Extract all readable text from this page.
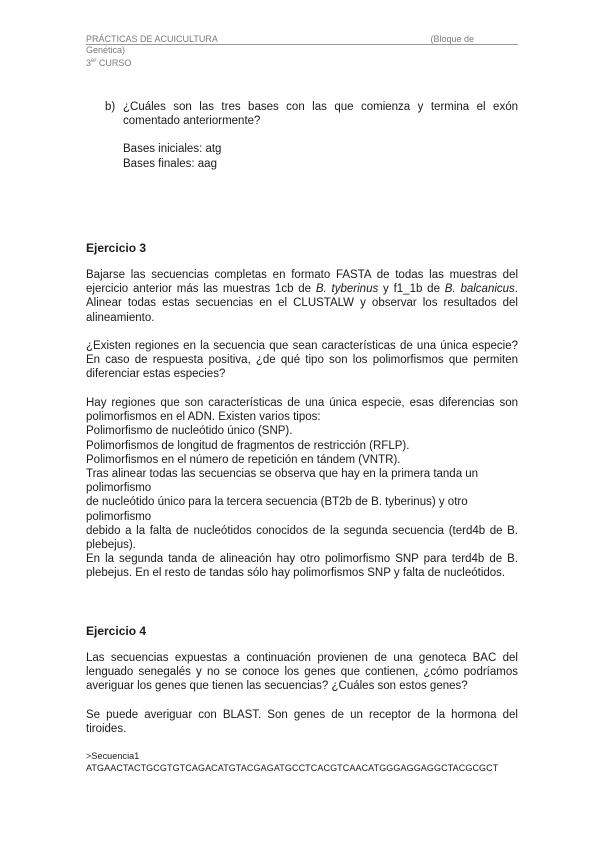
PRÁCTICAS DE ACUICULTURA	(Bloque de
Genética)
3er CURSO
b) ¿Cuáles son las tres bases con las que comienza y termina el exón comentado anteriormente?
Bases iniciales: atg
Bases finales: aag
Ejercicio 3
Bajarse las secuencias completas en formato FASTA de todas las muestras del ejercicio anterior más las muestras 1cb de B. tyberinus y f1_1b de B. balcanicus. Alinear todas estas secuencias en el CLUSTALW y observar los resultados del alineamiento.
¿Existen regiones en la secuencia que sean características de una única especie? En caso de respuesta positiva, ¿de qué tipo son los polimorfismos que permiten diferenciar estas especies?

Hay regiones que son características de una única especie, esas diferencias son polimorfismos en el ADN. Existen varios tipos:

Polimorfismo de nucleótido único (SNP).

Polimorfismos de longitud de fragmentos de restricción (RFLP).

Polimorfismos en el número de repetición en tándem (VNTR).

Tras alinear todas las secuencias se observa que hay en la primera tanda un

polimorfismo

de nucleótido único para la tercera secuencia (BT2b de B. tyberinus) y otro

polimorfismo

debido a la falta de nucleótidos conocidos de la segunda secuencia (terd4b de B. plebejus).

En la segunda tanda de alineación hay otro polimorfismo SNP para terd4b de B. plebejus. En el resto de tandas sólo hay polimorfismos SNP y falta de nucleótidos.

Ejercicio 4
Las secuencias expuestas a continuación provienen de una genoteca BAC del lenguado senegalés y no se conoce los genes que contienen, ¿cómo podríamos averiguar los genes que tienen las secuencias? ¿Cuáles son estos genes?
Se puede averiguar con BLAST. Son genes de un receptor de la hormona del tiroides.
>Secuencia1
ATGAACTACTGCGTGTCAGACATGTACGAGATGCCTCACGTCAACATGGGAGGAGGCTACGCGCT
